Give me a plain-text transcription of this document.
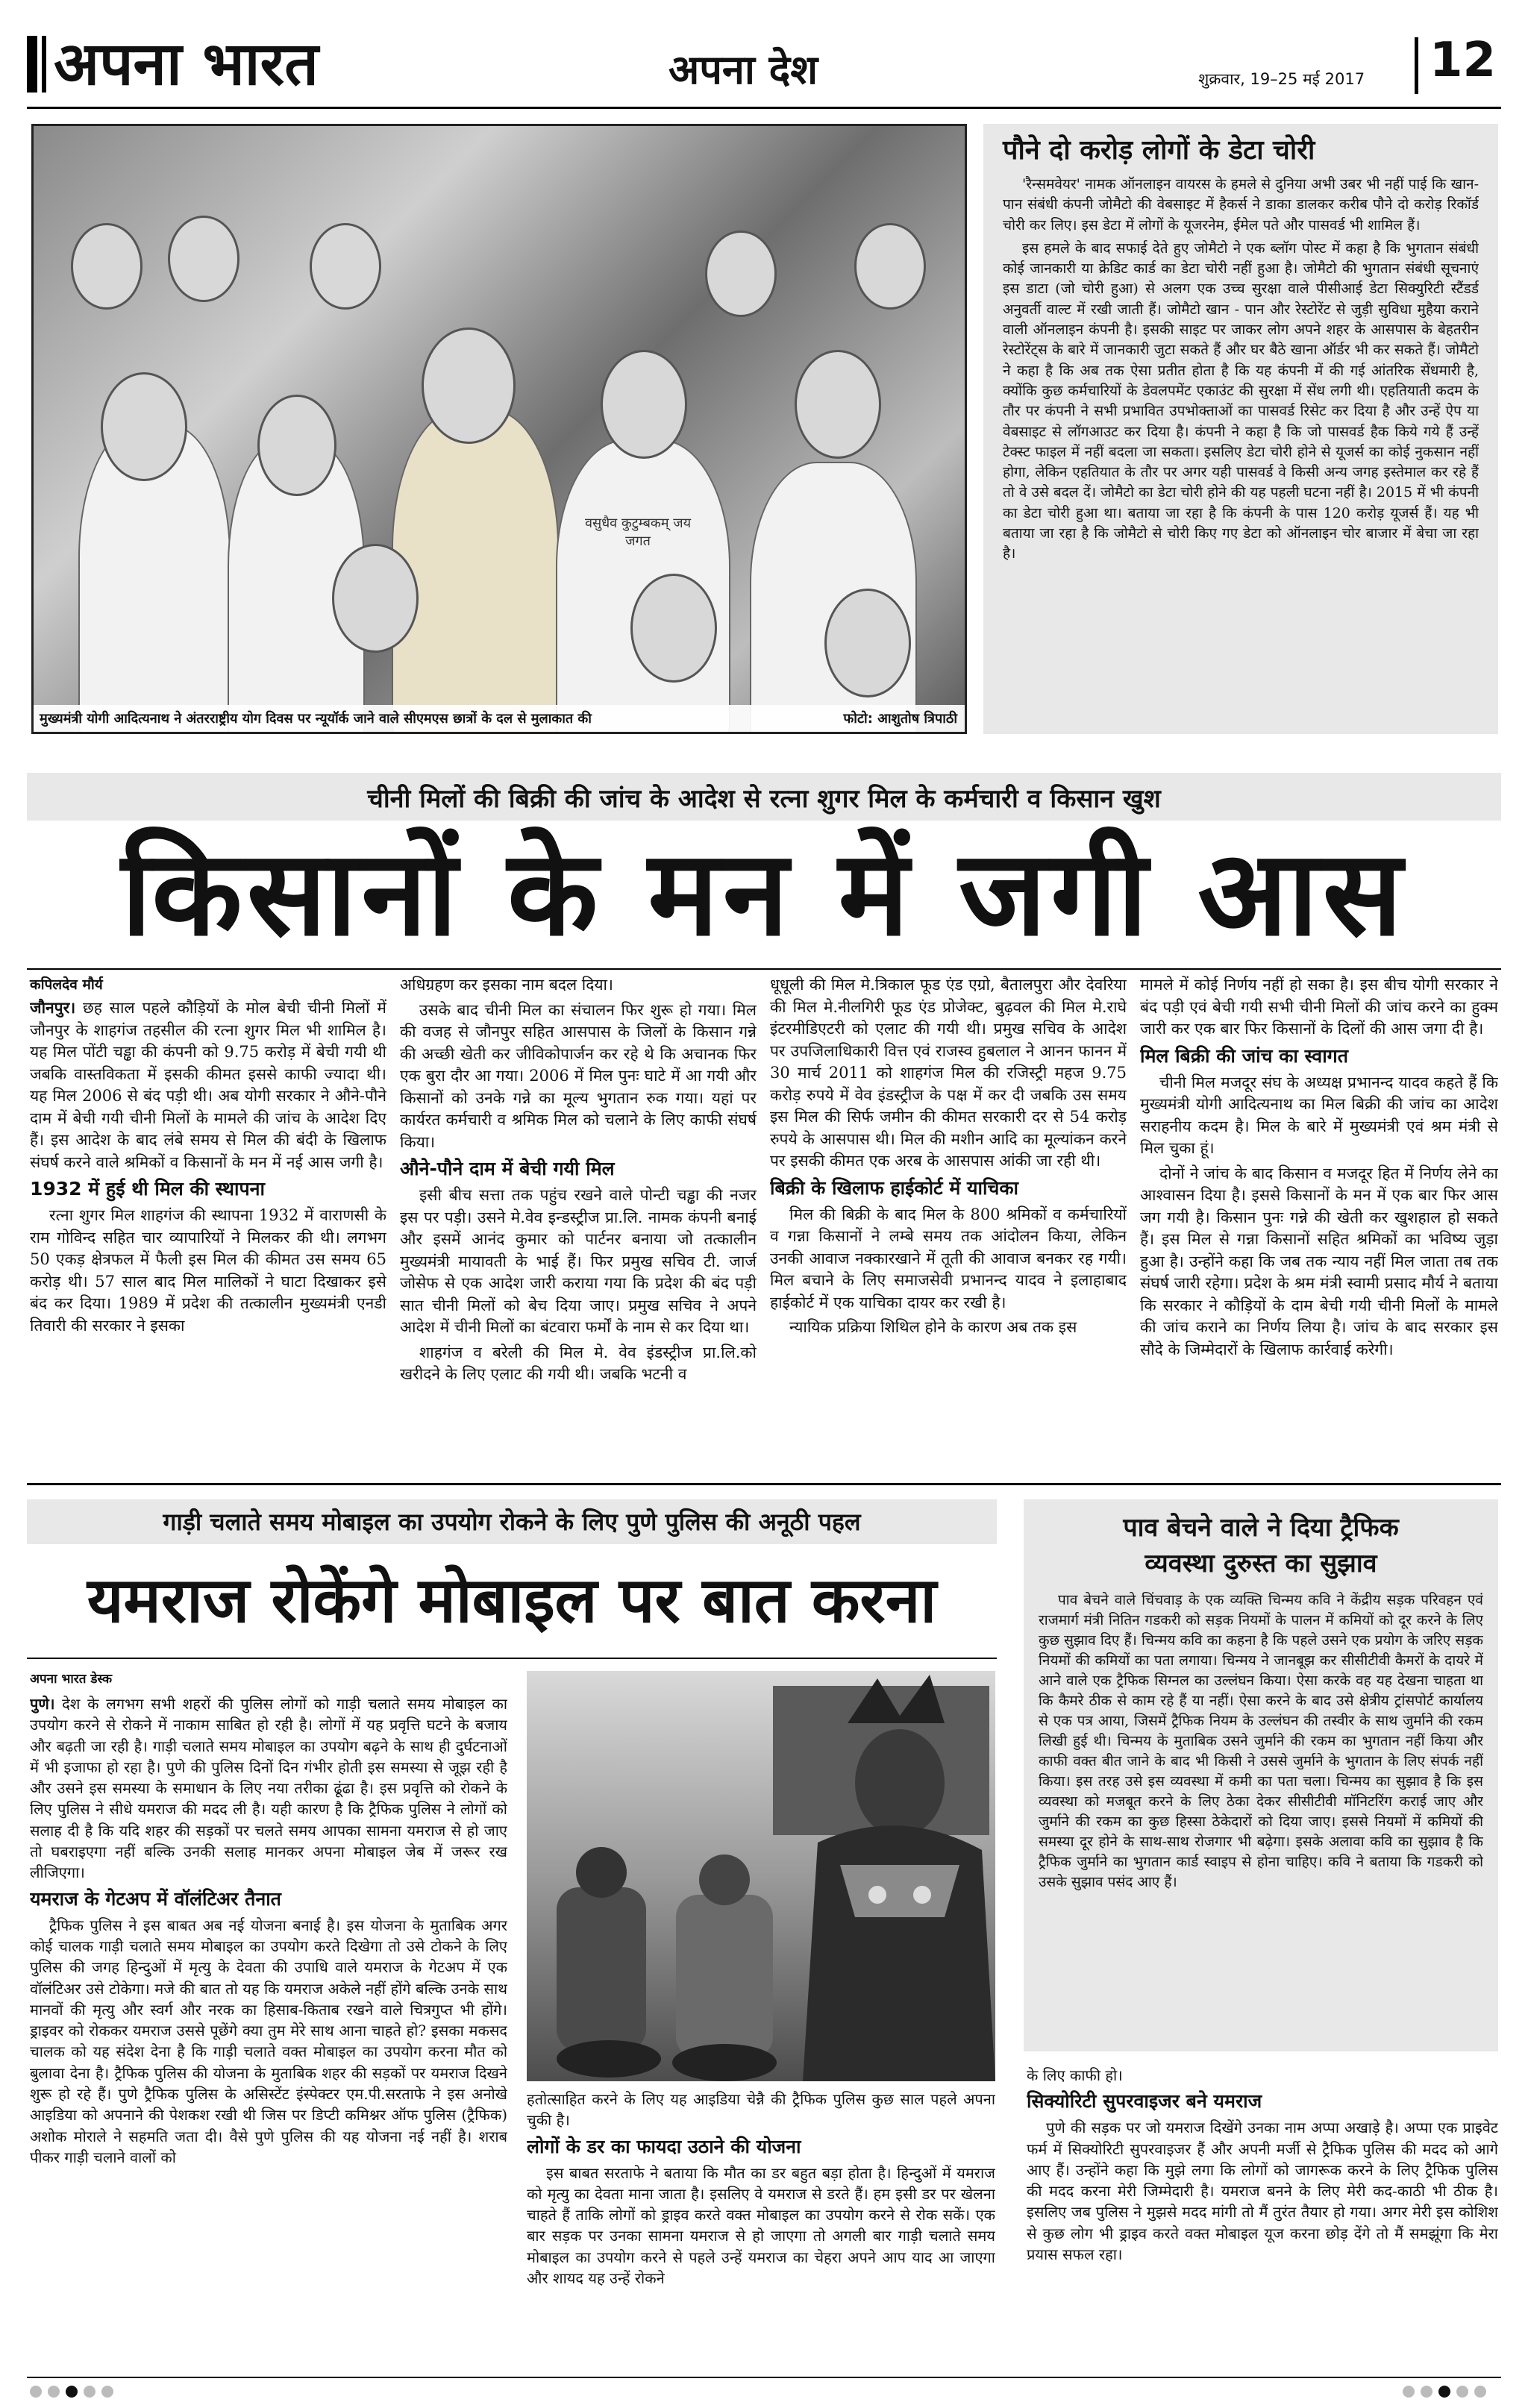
अपना भारत	अपना देश	शुक्रवार, 19–25 मई 2017 12
वसुधैव कुटुम्बकम् जय जगत
मुख्यमंत्री योगी आदित्यनाथ ने अंतरराष्ट्रीय योग दिवस पर न्यूयॉर्क जाने वाले सीएमएस छात्रों के दल से मुलाकात की	फोटो: आशुतोष त्रिपाठी
पौने दो करोड़ लोगों के डेटा चोरी

'रैन्समवेयर' नामक ऑनलाइन वायरस के हमले से दुनिया अभी उबर भी नहीं पाई कि खान-पान संबंधी कंपनी जोमैटो की वेबसाइट में हैकर्स ने डाका डालकर करीब पौने दो करोड़ रिकॉर्ड चोरी कर लिए। इस डेटा में लोगों के यूजरनेम, ईमेल पते और पासवर्ड भी शामिल हैं।

इस हमले के बाद सफाई देते हुए जोमैटो ने एक ब्लॉग पोस्ट में कहा है कि भुगतान संबंधी कोई जानकारी या क्रेडिट कार्ड का डेटा चोरी नहीं हुआ है। जोमैटो की भुगतान संबंधी सूचनाएं इस डाटा (जो चोरी हुआ) से अलग एक उच्च सुरक्षा वाले पीसीआई डेटा सिक्युरिटी स्टैंडर्ड अनुवर्ती वाल्ट में रखी जाती हैं। जोमैटो खान - पान और रेस्टोरेंट से जुड़ी सुविधा मुहैया कराने वाली ऑनलाइन कंपनी है। इसकी साइट पर जाकर लोग अपने शहर के आसपास के बेहतरीन रेस्टोरेंट्स के बारे में जानकारी जुटा सकते हैं और घर बैठे खाना ऑर्डर भी कर सकते हैं। जोमैटो ने कहा है कि अब तक ऐसा प्रतीत होता है कि यह कंपनी में की गई आंतरिक सेंधमारी है, क्योंकि कुछ कर्मचारियों के डेवलपमेंट एकाउंट की सुरक्षा में सेंध लगी थी। एहतियाती कदम के तौर पर कंपनी ने सभी प्रभावित उपभोक्ताओं का पासवर्ड रिसेट कर दिया है और उन्हें ऐप या वेबसाइट से लॉगआउट कर दिया है। कंपनी ने कहा है कि जो पासवर्ड हैक किये गये हैं उन्हें टेक्स्ट फाइल में नहीं बदला जा सकता। इसलिए डेटा चोरी होने से यूजर्स का कोई नुकसान नहीं होगा, लेकिन एहतियात के तौर पर अगर यही पासवर्ड वे किसी अन्य जगह इस्तेमाल कर रहे हैं तो वे उसे बदल दें। जोमैटो का डेटा चोरी होने की यह पहली घटना नहीं है। 2015 में भी कंपनी का डेटा चोरी हुआ था। बताया जा रहा है कि कंपनी के पास 120 करोड़ यूजर्स हैं। यह भी बताया जा रहा है कि जोमैटो से चोरी किए गए डेटा को ऑनलाइन चोर बाजार में बेचा जा रहा है।

चीनी मिलों की बिक्री की जांच के आदेश से रत्ना शुगर मिल के कर्मचारी व किसान खुश
किसानों के मन में जगी आस
कपिलदेव मौर्य

जौनपुर। छह साल पहले कौड़ियों के मोल बेची चीनी मिलों में जौनपुर के शाहगंज तहसील की रत्ना शुगर मिल भी शामिल है। यह मिल पोंटी चड्ढा की कंपनी को 9.75 करोड़ में बेची गयी थी जबकि वास्तविकता में इसकी कीमत इससे काफी ज्यादा थी। यह मिल 2006 से बंद पड़ी थी। अब योगी सरकार ने औने-पौने दाम में बेची गयी चीनी मिलों के मामले की जांच के आदेश दिए हैं। इस आदेश के बाद लंबे समय से मिल की बंदी के खिलाफ संघर्ष करने वाले श्रमिकों व किसानों के मन में नई आस जगी है।

1932 में हुई थी मिल की स्थापना

रत्ना शुगर मिल शाहगंज की स्थापना 1932 में वाराणसी के राम गोविन्द सहित चार व्यापारियों ने मिलकर की थी। लगभग 50 एकड़ क्षेत्रफल में फैली इस मिल की कीमत उस समय 65 करोड़ थी। 57 साल बाद मिल मालिकों ने घाटा दिखाकर इसे बंद कर दिया। 1989 में प्रदेश की तत्कालीन मुख्यमंत्री एनडी तिवारी की सरकार ने इसका

अधिग्रहण कर इसका नाम बदल दिया।

उसके बाद चीनी मिल का संचालन फिर शुरू हो गया। मिल की वजह से जौनपुर सहित आसपास के जिलों के किसान गन्ने की अच्छी खेती कर जीविकोपार्जन कर रहे थे कि अचानक फिर एक बुरा दौर आ गया। 2006 में मिल पुनः घाटे में आ गयी और किसानों को उनके गन्ने का मूल्य भुगतान रुक गया। यहां पर कार्यरत कर्मचारी व श्रमिक मिल को चलाने के लिए काफी संघर्ष किया।

औने-पौने दाम में बेची गयी मिल

इसी बीच सत्ता तक पहुंच रखने वाले पोन्टी चड्ढा की नजर इस पर पड़ी। उसने मे.वेव इन्डस्ट्रीज प्रा.लि. नामक कंपनी बनाई और इसमें आनंद कुमार को पार्टनर बनाया जो तत्कालीन मुख्यमंत्री मायावती के भाई हैं। फिर प्रमुख सचिव टी. जार्ज जोसेफ से एक आदेश जारी कराया गया कि प्रदेश की बंद पड़ी सात चीनी मिलों को बेच दिया जाए। प्रमुख सचिव ने अपने आदेश में चीनी मिलों का बंटवारा फर्मों के नाम से कर दिया था।

शाहगंज व बरेली की मिल मे. वेव इंडस्ट्रीज प्रा.लि.को खरीदने के लिए एलाट की गयी थी। जबकि भटनी व

धूधूली की मिल मे.त्रिकाल फूड एंड एग्रो, बैतालपुरा और देवरिया की मिल मे.नीलगिरी फूड एंड प्रोजेक्ट, बुढ़वल की मिल मे.राघे इंटरमीडिएटरी को एलाट की गयी थी। प्रमुख सचिव के आदेश पर उपजिलाधिकारी वित्त एवं राजस्व हुबलाल ने आनन फानन में 30 मार्च 2011 को शाहगंज मिल की रजिस्ट्री महज 9.75 करोड़ रुपये में वेव इंडस्ट्रीज के पक्ष में कर दी जबकि उस समय इस मिल की सिर्फ जमीन की कीमत सरकारी दर से 54 करोड़ रुपये के आसपास थी। मिल की मशीन आदि का मूल्यांकन करने पर इसकी कीमत एक अरब के आसपास आंकी जा रही थी।

बिक्री के खिलाफ हाईकोर्ट में याचिका

मिल की बिक्री के बाद मिल के 800 श्रमिकों व कर्मचारियों व गन्ना किसानों ने लम्बे समय तक आंदोलन किया, लेकिन उनकी आवाज नक्कारखाने में तूती की आवाज बनकर रह गयी। मिल बचाने के लिए समाजसेवी प्रभानन्द यादव ने इलाहाबाद हाईकोर्ट में एक याचिका दायर कर रखी है।

न्यायिक प्रक्रिया शिथिल होने के कारण अब तक इस

मामले में कोई निर्णय नहीं हो सका है। इस बीच योगी सरकार ने बंद पड़ी एवं बेची गयी सभी चीनी मिलों की जांच करने का हुक्म जारी कर एक बार फिर किसानों के दिलों की आस जगा दी है।

मिल बिक्री की जांच का स्वागत

चीनी मिल मजदूर संघ के अध्यक्ष प्रभानन्द यादव कहते हैं कि मुख्यमंत्री योगी आदित्यनाथ का मिल बिक्री की जांच का आदेश सराहनीय कदम है। मिल के बारे में मुख्यमंत्री एवं श्रम मंत्री से मिल चुका हूं।

दोनों ने जांच के बाद किसान व मजदूर हित में निर्णय लेने का आश्वासन दिया है। इससे किसानों के मन में एक बार फिर आस जग गयी है। किसान पुनः गन्ने की खेती कर खुशहाल हो सकते हैं। इस मिल से गन्ना किसानों सहित श्रमिकों का भविष्य जुड़ा हुआ है। उन्होंने कहा कि जब तक न्याय नहीं मिल जाता तब तक संघर्ष जारी रहेगा। प्रदेश के श्रम मंत्री स्वामी प्रसाद मौर्य ने बताया कि सरकार ने कौड़ियों के दाम बेची गयी चीनी मिलों के मामले की जांच कराने का निर्णय लिया है। जांच के बाद सरकार इस सौदे के जिम्मेदारों के खिलाफ कार्रवाई करेगी।

गाड़ी चलाते समय मोबाइल का उपयोग रोकने के लिए पुणे पुलिस की अनूठी पहल
यमराज रोकेंगे मोबाइल पर बात करना
अपना भारत डेस्क

पुणे। देश के लगभग सभी शहरों की पुलिस लोगों को गाड़ी चलाते समय मोबाइल का उपयोग करने से रोकने में नाकाम साबित हो रही है। लोगों में यह प्रवृत्ति घटने के बजाय और बढ़ती जा रही है। गाड़ी चलाते समय मोबाइल का उपयोग बढ़ने के साथ ही दुर्घटनाओं में भी इजाफा हो रहा है। पुणे की पुलिस दिनों दिन गंभीर होती इस समस्या से जूझ रही है और उसने इस समस्या के समाधान के लिए नया तरीका ढूंढा है। इस प्रवृत्ति को रोकने के लिए पुलिस ने सीधे यमराज की मदद ली है। यही कारण है कि ट्रैफिक पुलिस ने लोगों को सलाह दी है कि यदि शहर की सड़कों पर चलते समय आपका सामना यमराज से हो जाए तो घबराइएगा नहीं बल्कि उनकी सलाह मानकर अपना मोबाइल जेब में जरूर रख लीजिएगा।

यमराज के गेटअप में वॉलंटिअर तैनात

ट्रैफिक पुलिस ने इस बाबत अब नई योजना बनाई है। इस योजना के मुताबिक अगर कोई चालक गाड़ी चलाते समय मोबाइल का उपयोग करते दिखेगा तो उसे टोकने के लिए पुलिस की जगह हिन्दुओं में मृत्यु के देवता की उपाधि वाले यमराज के गेटअप में एक वॉलंटिअर उसे टोकेगा। मजे की बात तो यह कि यमराज अकेले नहीं होंगे बल्कि उनके साथ मानवों की मृत्यु और स्वर्ग और नरक का हिसाब-किताब रखने वाले चित्रगुप्त भी होंगे। ड्राइवर को रोककर यमराज उससे पूछेंगे क्या तुम मेरे साथ आना चाहते हो? इसका मकसद चालक को यह संदेश देना है कि गाड़ी चलाते वक्त मोबाइल का उपयोग करना मौत को बुलावा देना है। ट्रैफिक पुलिस की योजना के मुताबिक शहर की सड़कों पर यमराज दिखने शुरू हो रहे हैं। पुणे ट्रैफिक पुलिस के असिस्टेंट इंस्पेक्टर एम.पी.सरताफे ने इस अनोखे आइडिया को अपनाने की पेशकश रखी थी जिस पर डिप्टी कमिश्नर ऑफ पुलिस (ट्रैफिक) अशोक मोराले ने सहमति जता दी। वैसे पुणे पुलिस की यह योजना नई नहीं है। शराब पीकर गाड़ी चलाने वालों को

हतोत्साहित करने के लिए यह आइडिया चेन्नै की ट्रैफिक पुलिस कुछ साल पहले अपना चुकी है।

लोगों के डर का फायदा उठाने की योजना

इस बाबत सरताफे ने बताया कि मौत का डर बहुत बड़ा होता है। हिन्दुओं में यमराज को मृत्यु का देवता माना जाता है। इसलिए वे यमराज से डरते हैं। हम इसी डर पर खेलना चाहते हैं ताकि लोगों को ड्राइव करते वक्त मोबाइल का उपयोग करने से रोक सकें। एक बार सड़क पर उनका सामना यमराज से हो जाएगा तो अगली बार गाड़ी चलाते समय मोबाइल का उपयोग करने से पहले उन्हें यमराज का चेहरा अपने आप याद आ जाएगा और शायद यह उन्हें रोकने

पाव बेचने वाले ने दिया ट्रैफिक
व्यवस्था दुरुस्त का सुझाव

पाव बेचने वाले चिंचवाड़ के एक व्यक्ति चिन्मय कवि ने केंद्रीय सड़क परिवहन एवं राजमार्ग मंत्री नितिन गडकरी को सड़क नियमों के पालन में कमियों को दूर करने के लिए कुछ सुझाव दिए हैं। चिन्मय कवि का कहना है कि पहले उसने एक प्रयोग के जरिए सड़क नियमों की कमियों का पता लगाया। चिन्मय ने जानबूझ कर सीसीटीवी कैमरों के दायरे में आने वाले एक ट्रैफिक सिग्नल का उल्लंघन किया। ऐसा करके वह यह देखना चाहता था कि कैमरे ठीक से काम रहे हैं या नहीं। ऐसा करने के बाद उसे क्षेत्रीय ट्रांसपोर्ट कार्यालय से एक पत्र आया, जिसमें ट्रैफिक नियम के उल्लंघन की तस्वीर के साथ जुर्माने की रकम लिखी हुई थी। चिन्मय के मुताबिक उसने जुर्माने की रकम का भुगतान नहीं किया और काफी वक्त बीत जाने के बाद भी किसी ने उससे जुर्माने के भुगतान के लिए संपर्क नहीं किया। इस तरह उसे इस व्यवस्था में कमी का पता चला। चिन्मय का सुझाव है कि इस व्यवस्था को मजबूत करने के लिए ठेका देकर सीसीटीवी मॉनिटरिंग कराई जाए और जुर्माने की रकम का कुछ हिस्सा ठेकेदारों को दिया जाए। इससे नियमों में कमियों की समस्या दूर होने के साथ-साथ रोजगार भी बढ़ेगा। इसके अलावा कवि का सुझाव है कि ट्रैफिक जुर्माने का भुगतान कार्ड स्वाइप से होना चाहिए। कवि ने बताया कि गडकरी को उसके सुझाव पसंद आए हैं।

के लिए काफी हो।

सिक्योरिटी सुपरवाइजर बने यमराज

पुणे की सड़क पर जो यमराज दिखेंगे उनका नाम अप्पा अखाड़े है। अप्पा एक प्राइवेट फर्म में सिक्योरिटी सुपरवाइजर हैं और अपनी मर्जी से ट्रैफिक पुलिस की मदद को आगे आए हैं। उन्होंने कहा कि मुझे लगा कि लोगों को जागरूक करने के लिए ट्रैफिक पुलिस की मदद करना मेरी जिम्मेदारी है। यमराज बनने के लिए मेरी कद-काठी भी ठीक है। इसलिए जब पुलिस ने मुझसे मदद मांगी तो मैं तुरंत तैयार हो गया। अगर मेरी इस कोशिश से कुछ लोग भी ड्राइव करते वक्त मोबाइल यूज करना छोड़ देंगे तो मैं समझूंगा कि मेरा प्रयास सफल रहा।
